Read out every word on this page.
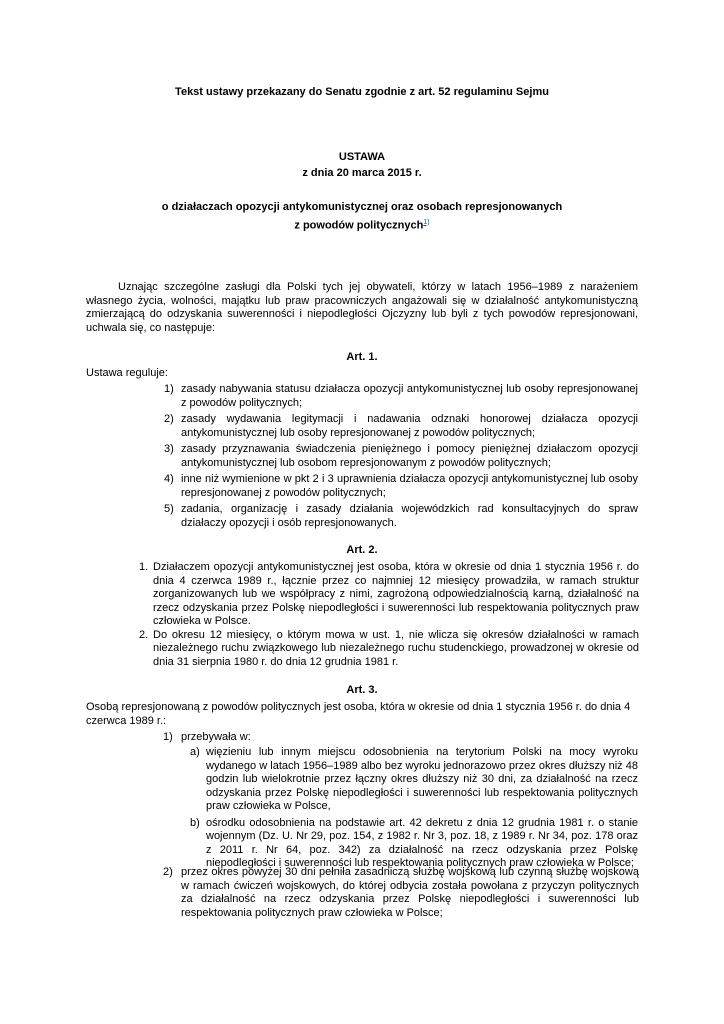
Tekst ustawy przekazany do Senatu zgodnie z art. 52 regulaminu Sejmu
USTAWA
z dnia 20 marca 2015 r.
o działaczach opozycji antykomunistycznej oraz osobach represjonowanych
z powodów politycznych$^{1)}$

Uznając szczególne zasługi dla Polski tych jej obywateli, którzy w latach 1956–1989 z narażeniem własnego życia, wolności, majątku lub praw pracowniczych angażowali się w działalność antykomunistyczną zmierzającą do odzyskania suwerenności i niepodległości Ojczyzny lub byli z tych powodów represjonowani, uchwala się, co następuje:

Art. 1.
Ustawa reguluje:
1) zasady nabywania statusu działacza opozycji antykomunistycznej lub osoby represjonowanej z powodów politycznych;
2) zasady wydawania legitymacji i nadawania odznaki honorowej działacza opozycji antykomunistycznej lub osoby represjonowanej z powodów politycznych;
3) zasady przyznawania świadczenia pieniężnego i pomocy pieniężnej działaczom opozycji antykomunistycznej lub osobom represjonowanym z powodów politycznych;
4) inne niż wymienione w pkt 2 i 3 uprawnienia działacza opozycji antykomunistycznej lub osoby represjonowanej z powodów politycznych;
5) zadania, organizację i zasady działania wojewódzkich rad konsultacyjnych do spraw działaczy opozycji i osób represjonowanych.
Art. 2.
1. Działaczem opozycji antykomunistycznej jest osoba, która w okresie od dnia 1 stycznia 1956 r. do dnia 4 czerwca 1989 r., łącznie przez co najmniej 12 miesięcy prowadziła, w ramach struktur zorganizowanych lub we współpracy z nimi, zagrożoną odpowiedzialnością karną, działalność na rzecz odzyskania przez Polskę niepodległości i suwerenności lub respektowania politycznych praw człowieka w Polsce.
2. Do okresu 12 miesięcy, o którym mowa w ust. 1, nie wlicza się okresów działalności w ramach niezależnego ruchu związkowego lub niezależnego ruchu studenckiego, prowadzonej w okresie od dnia 31 sierpnia 1980 r. do dnia 12 grudnia 1981 r.
Art. 3.
Osobą represjonowaną z powodów politycznych jest osoba, która w okresie od dnia 1 stycznia 1956 r. do dnia 4 czerwca 1989 r.:
1) przebywała w:
a) więzieniu lub innym miejscu odosobnienia na terytorium Polski na mocy wyroku wydanego w latach 1956–1989 albo bez wyroku jednorazowo przez okres dłuższy niż 48 godzin lub wielokrotnie przez łączny okres dłuższy niż 30 dni, za działalność na rzecz odzyskania przez Polskę niepodległości i suwerenności lub respektowania politycznych praw człowieka w Polsce,
b) ośrodku odosobnienia na podstawie art. 42 dekretu z dnia 12 grudnia 1981 r. o stanie wojennym (Dz. U. Nr 29, poz. 154, z 1982 r. Nr 3, poz. 18, z 1989 r. Nr 34, poz. 178 oraz z 2011 r. Nr 64, poz. 342) za działalność na rzecz odzyskania przez Polskę niepodległości i suwerenności lub respektowania politycznych praw człowieka w Polsce;
2) przez okres powyżej 30 dni pełniła zasadniczą służbę wojskową lub czynną służbę wojskową w ramach ćwiczeń wojskowych, do której odbycia została powołana z przyczyn politycznych za działalność na rzecz odzyskania przez Polskę niepodległości i suwerenności lub respektowania politycznych praw człowieka w Polsce;
